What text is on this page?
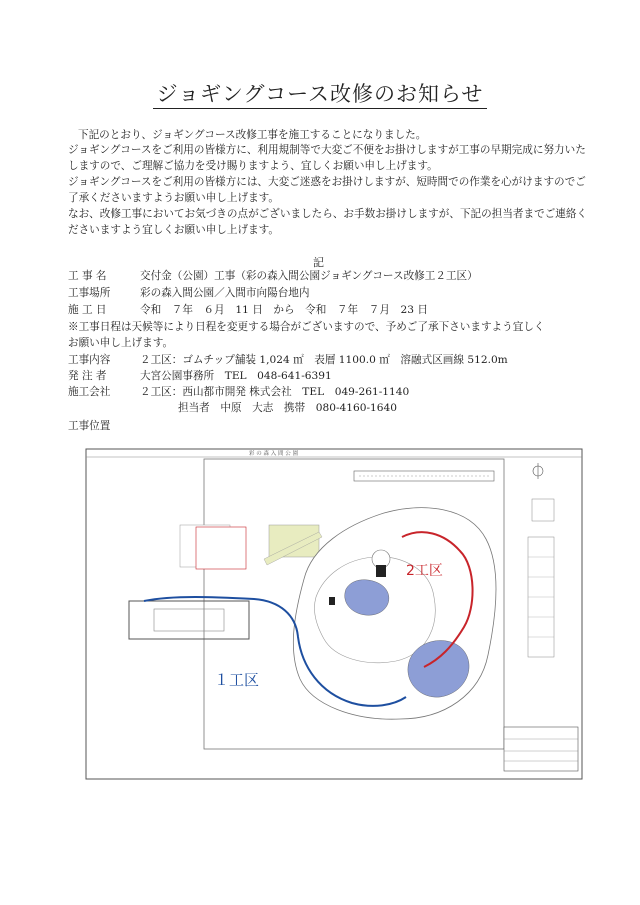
ジョギングコース改修のお知らせ

下記のとおり、ジョギングコース改修工事を施工することになりました。

ジョギングコースをご利用の皆様方に、利用規制等で大変ご不便をお掛けしますが工事の早期完成に努力いたしますので、ご理解ご協力を受け賜りますよう、宜しくお願い申し上げます。

ジョギングコースをご利用の皆様方には、大変ご迷惑をお掛けしますが、短時間での作業を心がけますのでご了承くださいますようお願い申し上げます。

なお、改修工事においてお気づきの点がございましたら、お手数お掛けしますが、下記の担当者までご連絡くださいますよう宜しくお願い申し上げます。

記
工 事 名	交付金（公園）工事（彩の森入間公園ジョギングコース改修工２工区）
工事場所	彩の森入間公園／入間市向陽台地内
施 工 日	令和　７年　６月　11 日　から　令和　７年　７月　23 日

※工事日程は天候等により日程を変更する場合がございますので、予めご了承下さいますよう宜しくお願い申し上げます。

工事内容	２工区：ゴムチップ舗装 1,024 ㎡　表層 1100.0 ㎡　溶融式区画線 512.0m
発 注 者	大宮公園事務所　TEL　048-641-6391
施工会社	２工区：西山都市開発 株式会社　TEL　049-261-1140
担当者　中原　大志　携帯　080-4160-1640
工事位置
彩 の 森 入 間 公 園
１工区
2工区
